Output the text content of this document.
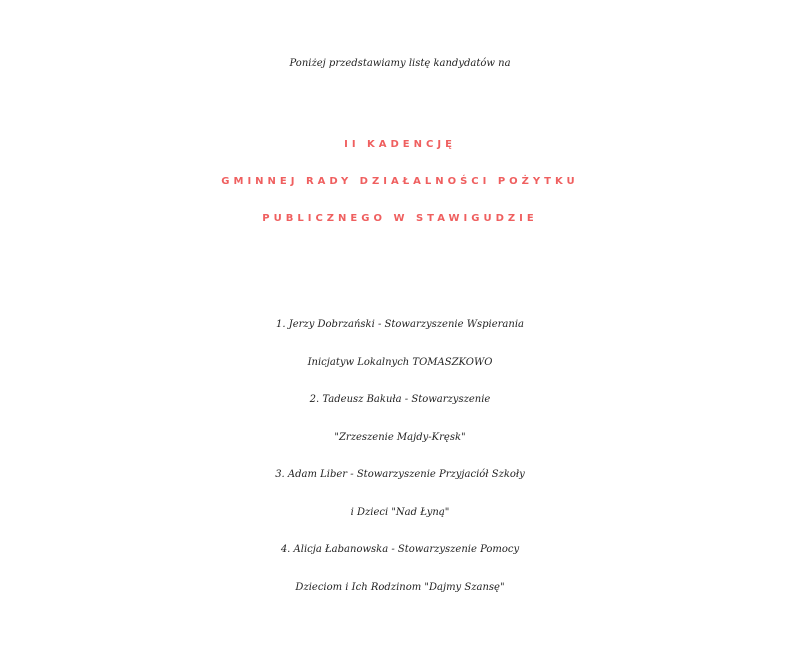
Poniżej przedstawiamy listę kandydatów na
II KADENCJĘ
GMINNEJ RADY DZIAŁALNOŚCI POŻYTKU
PUBLICZNEGO W STAWIGUDZIE
1. Jerzy Dobrzański - Stowarzyszenie Wspierania
Inicjatyw Lokalnych TOMASZKOWO
2. Tadeusz Bakuła - Stowarzyszenie
"Zrzeszenie Majdy-Kręsk"
3. Adam Liber - Stowarzyszenie Przyjaciół Szkoły
i Dzieci "Nad Łyną"
4. Alicja Łabanowska - Stowarzyszenie Pomocy
Dzieciom i Ich Rodzinom "Dajmy Szansę"
